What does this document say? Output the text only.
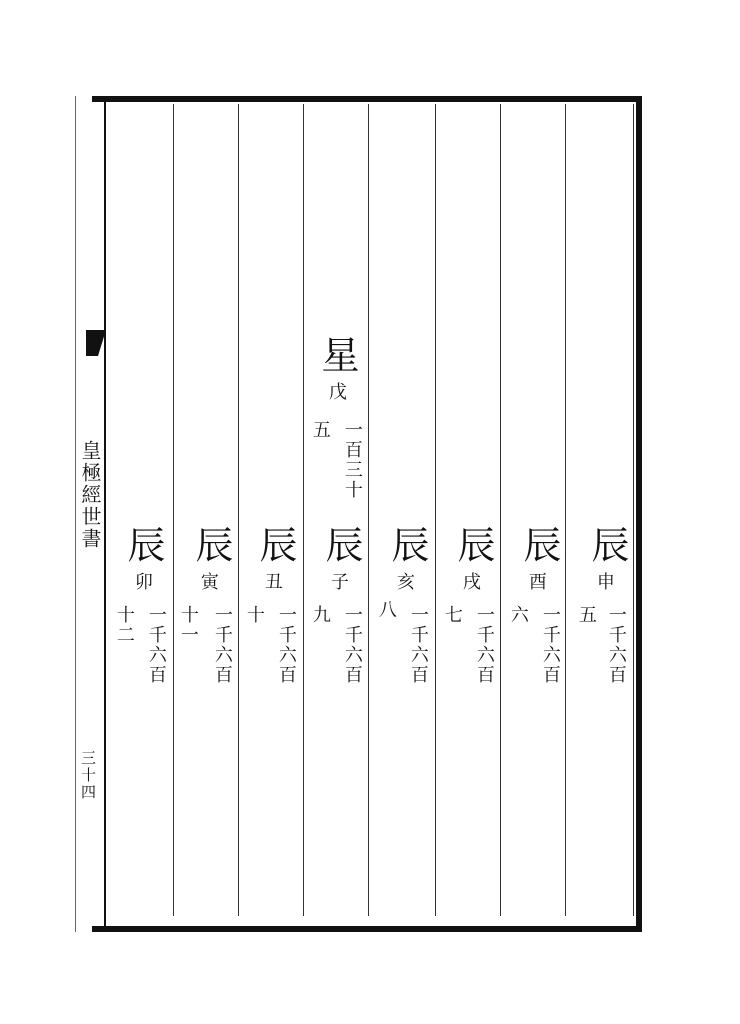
皇極經世書
三十四
星
戊
五 一百三十
辰
申
五 一千六百
辰
酉
六 一千六百
辰
戌
七 一千六百
辰
亥
八 一千六百
辰
子
九 一千六百
辰
丑
十 一千六百
辰
寅
十一 一千六百
辰
卯
十二 一千六百
